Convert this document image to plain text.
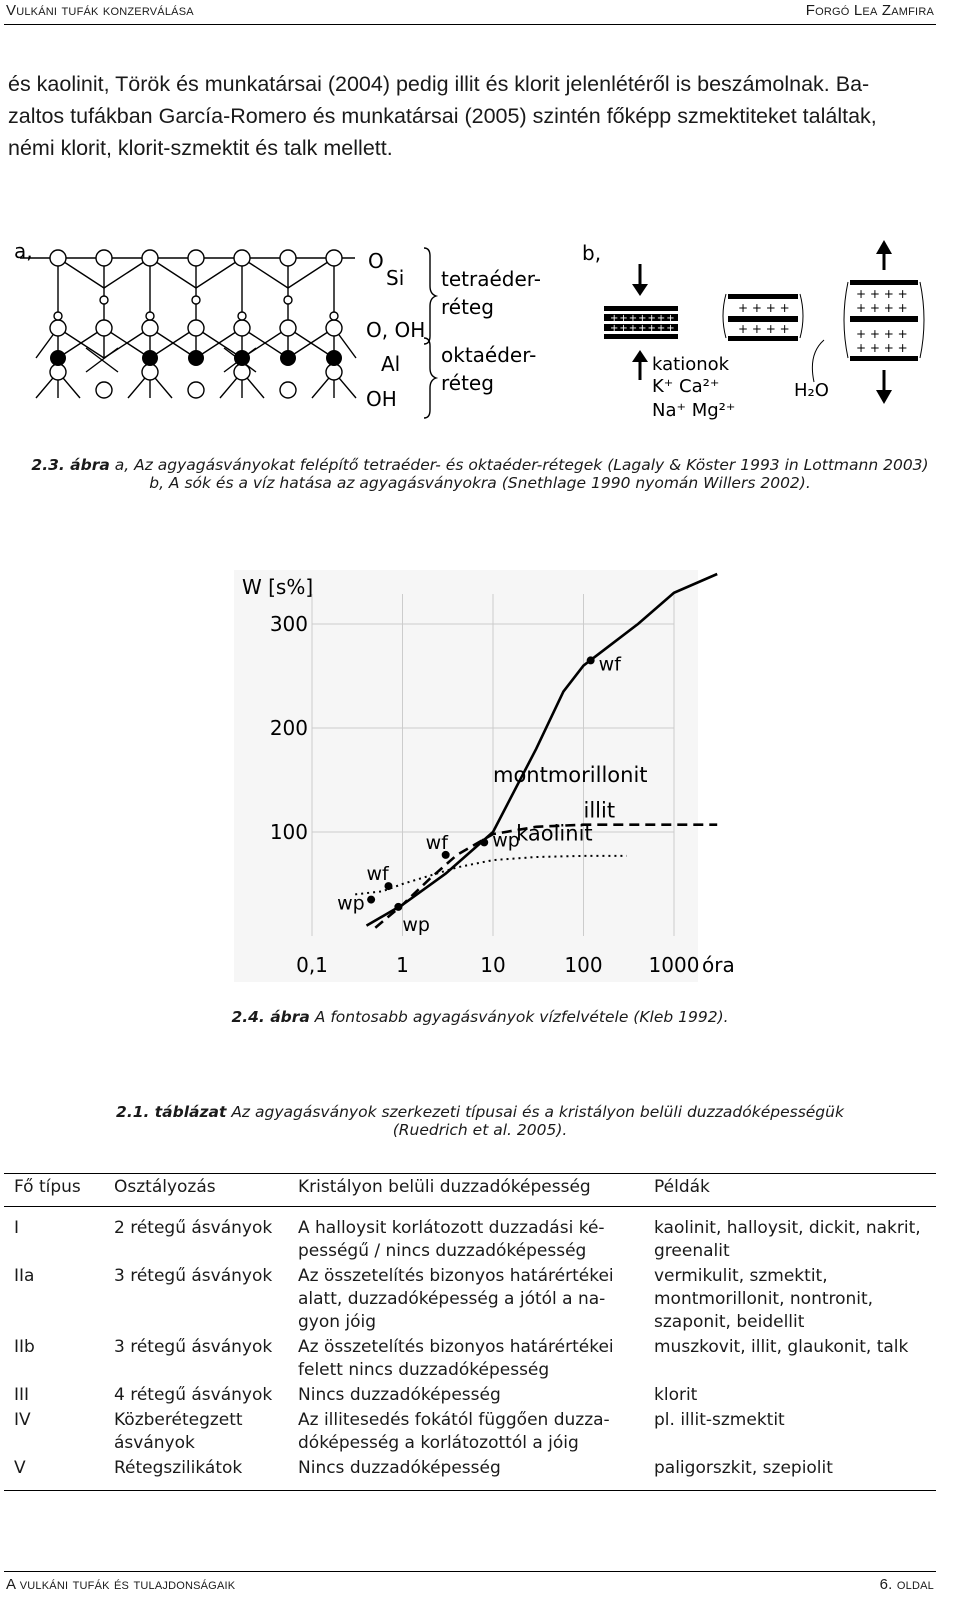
Vulkáni tufák konzerválása	Forgó Lea Zamfira

és kaolinit, Török és munkatársai (2004) pedig illit és klorit jelenlétéről is beszámolnak. Ba-

zaltos tufákban García-Romero és munkatársai (2005) szintén főképp szmektiteket találtak,

némi klorit, klorit-szmektit és talk mellett.

a,	O
Si
O, OH
Al
OH
tetraéder-
réteg
oktaéder-
réteg
b,
+++++++
+++++++
kationok
K⁺ Ca²⁺
Na⁺ Mg²⁺
+ + + +
+ + + +
H₂O
+ + + +
+ + + +
+ + + +
+ + + +
2.3. ábra a, Az agyagásványokat felépítő tetraéder- és oktaéder-rétegek (Lagaly & Köster 1993 in Lottmann 2003)
b, A sók és a víz hatása az agyagásványokra (Snethlage 1990 nyomán Willers 2002).
montmorillonit
illit
kaolinit
wf
wf wp
wf
wp
wp
0,1	1	10	100 1000 óra
300
200
100
W [s%]
2.4. ábra A fontosabb agyagásványok vízfelvétele (Kleb 1992).
2.1. táblázat Az agyagásványok szerkezeti típusai és a kristályon belüli duzzadóképességük
(Ruedrich et al. 2005).
Fő típus	Osztályozás	Kristályon belüli duzzadóképesség	Példák
I	2 rétegű ásványok	A halloysit korlátozott duzzadási ké-
pességű / nincs duzzadóképesség	kaolinit, halloysit, dickit, nakrit,
greenalit
IIa	3 rétegű ásványok	Az összetelítés bizonyos határértékei
alatt, duzzadóképesség a jótól a na-
gyon jóig	vermikulit, szmektit,
montmorillonit, nontronit,
szaponit, beidellit
IIb	3 rétegű ásványok	Az összetelítés bizonyos határértékei
felett nincs duzzadóképesség	muszkovit, illit, glaukonit, talk
III	4 rétegű ásványok	Nincs duzzadóképesség	klorit
IV	Közberétegzett
ásványok	Az illitesedés fokától függően duzza-
dóképesség a korlátozottól a jóig	pl. illit-szmektit
V	Rétegszilikátok	Nincs duzzadóképesség	paligorszkit, szepiolit
A vulkáni tufák és tulajdonságaik	6. oldal
